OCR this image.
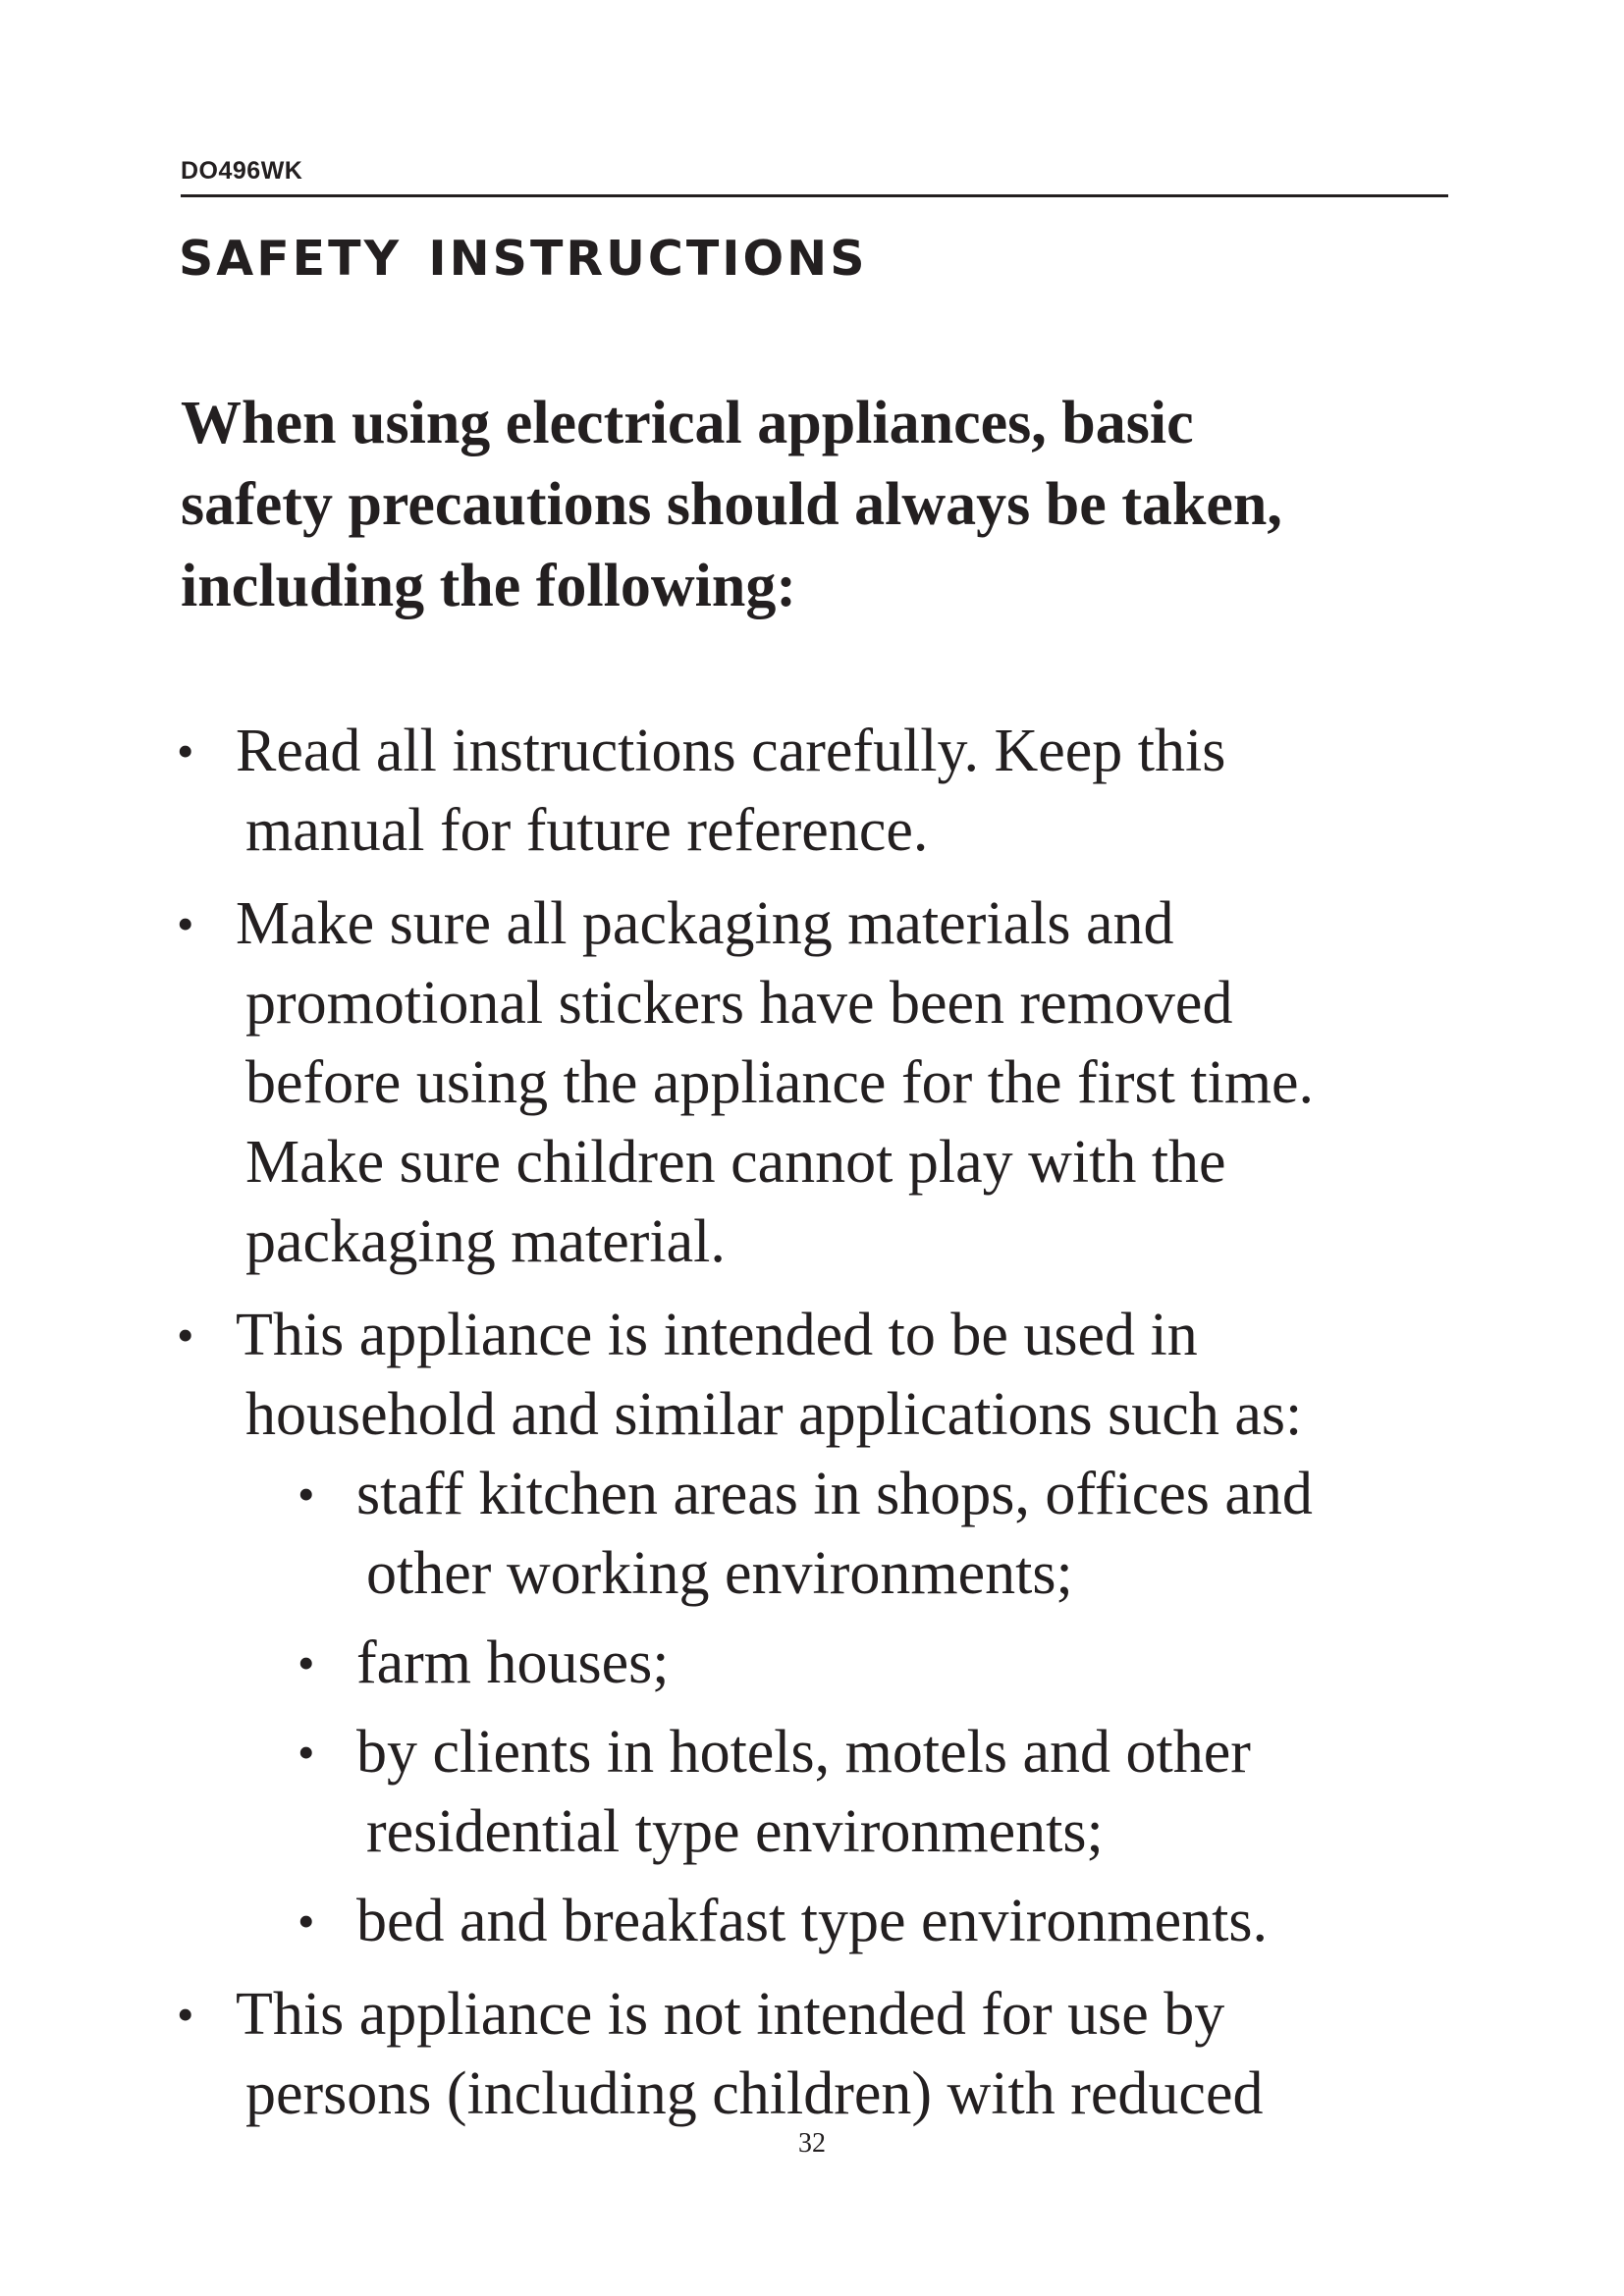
DO496WK
safety instructions
When using electrical appliances, basic
safety precautions should always be taken,
including the following:
• Read all instructions carefully. Keep this
manual for future reference.
• Make sure all packaging materials and
promotional stickers have been removed
before using the appliance for the first time.
Make sure children cannot play with the
packaging material.
• This appliance is intended to be used in
household and similar applications such as:
• staff kitchen areas in shops, offices and
other working environments;
• farm houses;
• by clients in hotels, motels and other
residential type environments;
• bed and breakfast type environments.
• This appliance is not intended for use by
persons (including children) with reduced
32
